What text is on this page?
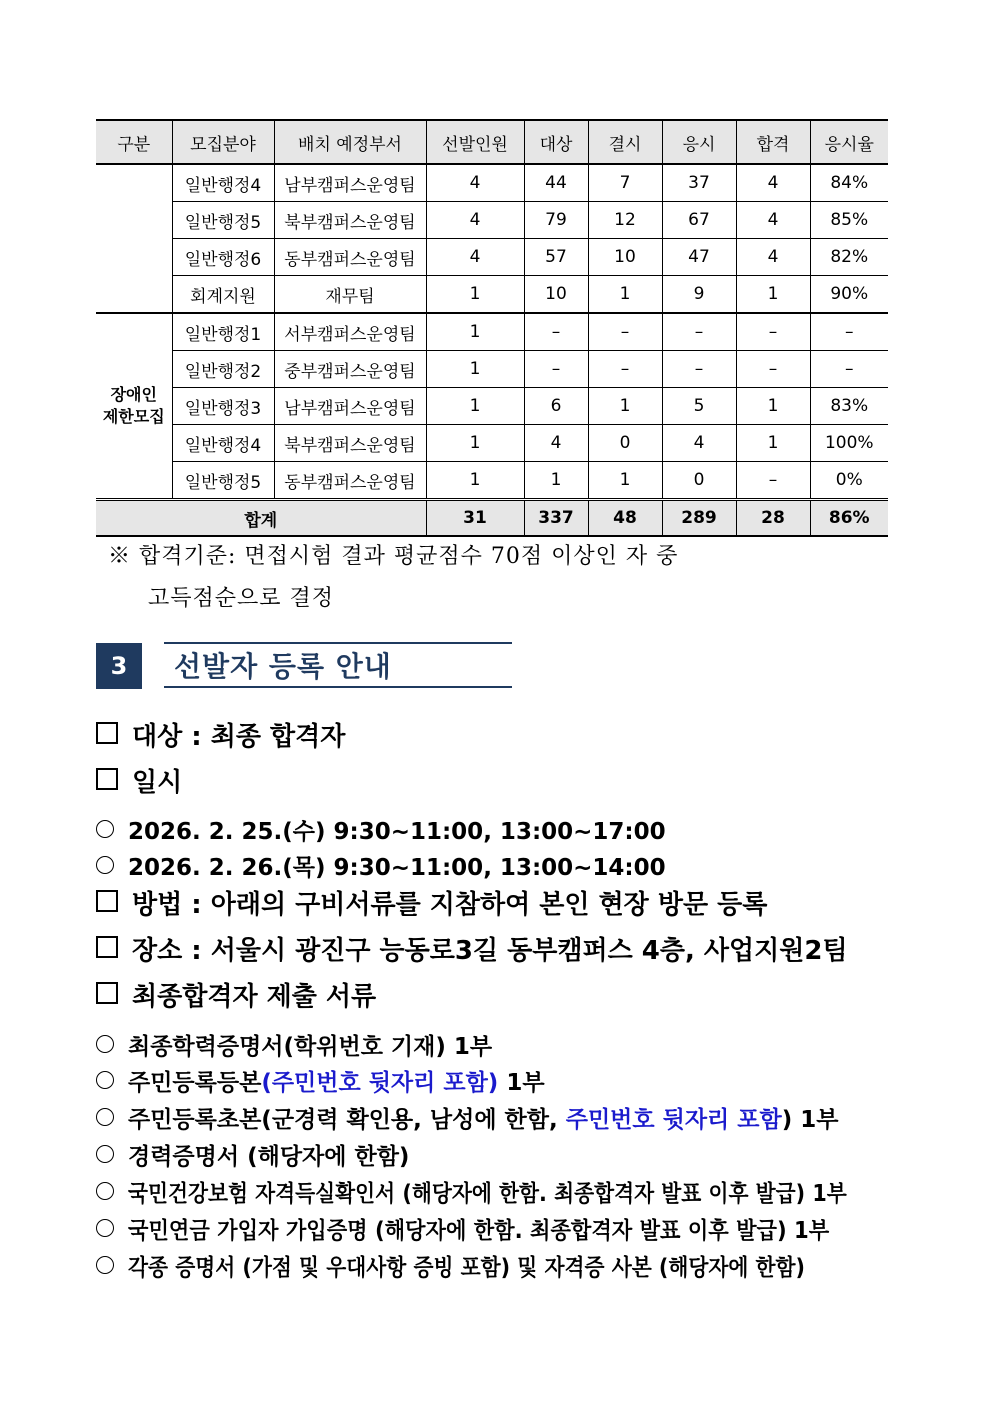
구분	모집분야	배치 예정부서	선발인원	대상	결시	응시	합격	응시율
	일반행정4	남부캠퍼스운영팀	4	44	7	37	4	84%
	일반행정5	북부캠퍼스운영팀	4	79	12	67	4	85%
	일반행정6	동부캠퍼스운영팀	4	57	10	47	4	82%
	회계지원	재무팀	1	10	1	9	1	90%

장애인
제한모집	일반행정1	서부캠퍼스운영팀	1	–	–	–	–	–
	일반행정2	중부캠퍼스운영팀	1	–	–	–	–	–
	일반행정3	남부캠퍼스운영팀	1	6	1	5	1	83%
	일반행정4	북부캠퍼스운영팀	1	4	0	4	1	100%
	일반행정5	동부캠퍼스운영팀	1	1	1	0	–	0%
합계			31	337	48	289	28	86%
※ 합격기준: 면접시험 결과 평균점수 70점 이상인 자 중
고득점순으로 결정
3	선발자 등록 안내
대상 : 최종 합격자
일시
2026. 2. 25.(수) 9:30~11:00, 13:00~17:00
2026. 2. 26.(목) 9:30~11:00, 13:00~14:00
방법 : 아래의 구비서류를 지참하여 본인 현장 방문 등록
장소 : 서울시 광진구 능동로3길 동부캠퍼스 4층, 사업지원2팀
최종합격자 제출 서류
최종학력증명서(학위번호 기재) 1부
주민등록등본(주민번호 뒷자리 포함) 1부
주민등록초본(군경력 확인용, 남성에 한함, 주민번호 뒷자리 포함) 1부
경력증명서 (해당자에 한함)
국민건강보험 자격득실확인서 (해당자에 한함. 최종합격자 발표 이후 발급) 1부
국민연금 가입자 가입증명 (해당자에 한함. 최종합격자 발표 이후 발급) 1부
각종 증명서 (가점 및 우대사항 증빙 포함) 및 자격증 사본 (해당자에 한함)
